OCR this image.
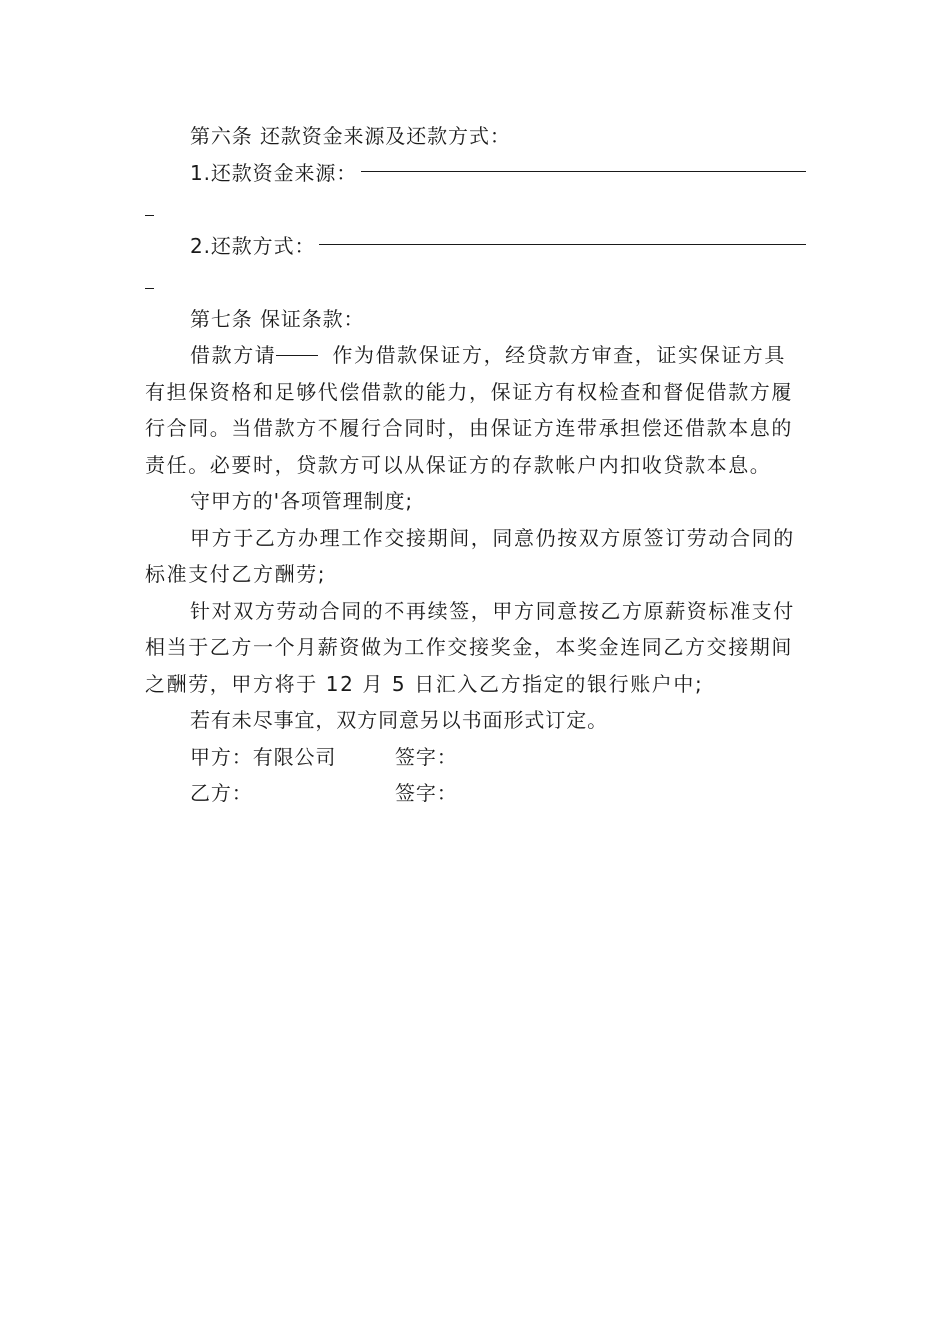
第六条 还款资金来源及还款方式：

1.还款资金来源：
2.还款方式：

第七条 保证条款：

借款方请 作为借款保证方，经贷款方审查，证实保证方具有担保资格和足够代偿借款的能力，保证方有权检查和督促借款方履行合同。当借款方不履行合同时，由保证方连带承担偿还借款本息的责任。必要时，贷款方可以从保证方的存款帐户内扣收贷款本息。

守甲方的'各项管理制度;

甲方于乙方办理工作交接期间，同意仍按双方原签订劳动合同的标准支付乙方酬劳;

针对双方劳动合同的不再续签，甲方同意按乙方原薪资标准支付相当于乙方一个月薪资做为工作交接奖金，本奖金连同乙方交接期间之酬劳，甲方将于 12 月 5 日汇入乙方指定的银行账户中;

若有未尽事宜，双方同意另以书面形式订定。

甲方：有限公司	签字：
乙方：	签字：
